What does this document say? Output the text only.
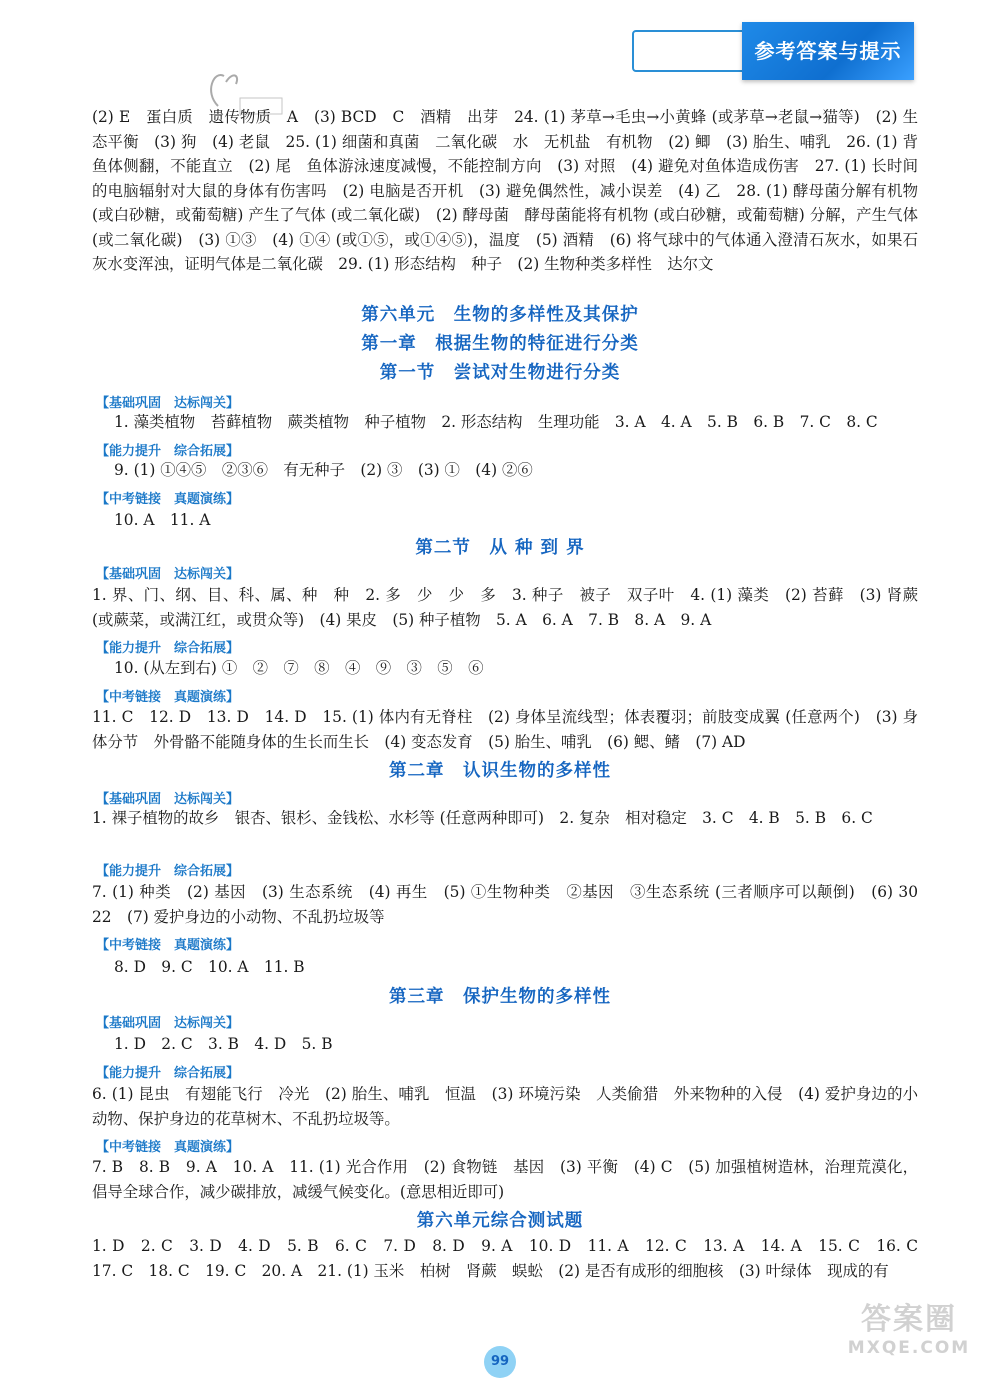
参考答案与提示

(2) E　蛋白质　遗传物质　A　(3) BCD　C　酒精　出芽　24. (1) 茅草→毛虫→小黄蜂 (或茅草→老鼠→猫等)　(2) 生态平衡　(3) 狗　(4) 老鼠　25. (1) 细菌和真菌　二氧化碳　水　无机盐　有机物　(2) 鲫　(3) 胎生、哺乳　26. (1) 背　鱼体侧翻，不能直立　(2) 尾　鱼体游泳速度减慢，不能控制方向　(3) 对照　(4) 避免对鱼体造成伤害　27. (1) 长时间的电脑辐射对大鼠的身体有伤害吗　(2) 电脑是否开机　(3) 避免偶然性，减小误差　(4) 乙　28. (1) 酵母菌分解有机物 (或白砂糖，或葡萄糖) 产生了气体 (或二氧化碳)　(2) 酵母菌　酵母菌能将有机物 (或白砂糖，或葡萄糖) 分解，产生气体 (或二氧化碳)　(3) ①③　(4) ①④ (或①⑤，或①④⑤)，温度　(5) 酒精　(6) 将气球中的气体通入澄清石灰水，如果石灰水变浑浊，证明气体是二氧化碳　29. (1) 形态结构　种子　(2) 生物种类多样性　达尔文

第六单元　生物的多样性及其保护
第一章　根据生物的特征进行分类
第一节　尝试对生物进行分类
【基础巩固　达标闯关】

1. 藻类植物　苔藓植物　蕨类植物　种子植物　2. 形态结构　生理功能　3. A　4. A　5. B　6. B　7. C　8. C

【能力提升　综合拓展】

9. (1) ①④⑤　②③⑥　有无种子　(2) ③　(3) ①　(4) ②⑥

【中考链接　真题演练】

10. A　11. A

第二节　从 种 到 界
【基础巩固　达标闯关】

1. 界、门、纲、目、科、属、种　种　2. 多　少　少　多　3. 种子　被子　双子叶　4. (1) 藻类　(2) 苔藓　(3) 肾蕨 (或蕨菜，或满江红，或贯众等)　(4) 果皮　(5) 种子植物　5. A　6. A　7. B　8. A　9. A

【能力提升　综合拓展】

10. (从左到右) ①　②　⑦　⑧　④　⑨　③　⑤　⑥

【中考链接　真题演练】

11. C　12. D　13. D　14. D　15. (1) 体内有无脊柱　(2) 身体呈流线型；体表覆羽；前肢变成翼 (任意两个)　(3) 身体分节　外骨骼不能随身体的生长而生长　(4) 变态发育　(5) 胎生、哺乳　(6) 鳃、鳍　(7) AD

第二章　认识生物的多样性
【基础巩固　达标闯关】

1. 裸子植物的故乡　银杏、银杉、金钱松、水杉等 (任意两种即可)　2. 复杂　相对稳定　3. C　4. B　5. B　6. C

【能力提升　综合拓展】

7. (1) 种类　(2) 基因　(3) 生态系统　(4) 再生　(5) ①生物种类　②基因　③生态系统 (三者顺序可以颠倒)　(6) 30　22　(7) 爱护身边的小动物、不乱扔垃圾等

【中考链接　真题演练】

8. D　9. C　10. A　11. B

第三章　保护生物的多样性
【基础巩固　达标闯关】

1. D　2. C　3. B　4. D　5. B

【能力提升　综合拓展】

6. (1) 昆虫　有翅能飞行　冷光　(2) 胎生、哺乳　恒温　(3) 环境污染　人类偷猎　外来物种的入侵　(4) 爱护身边的小动物、保护身边的花草树木、不乱扔垃圾等。

【中考链接　真题演练】

7. B　8. B　9. A　10. A　11. (1) 光合作用　(2) 食物链　基因　(3) 平衡　(4) C　(5) 加强植树造林，治理荒漠化，倡导全球合作，减少碳排放，减缓气候变化。(意思相近即可)

第六单元综合测试题

1. D　2. C　3. D　4. D　5. B　6. C　7. D　8. D　9. A　10. D　11. A　12. C　13. A　14. A　15. C　16. C　17. C　18. C　19. C　20. A　21. (1) 玉米　柏树　肾蕨　蜈蚣　(2) 是否有成形的细胞核　(3) 叶绿体　现成的有

99
答案圈
MXQE.COM
